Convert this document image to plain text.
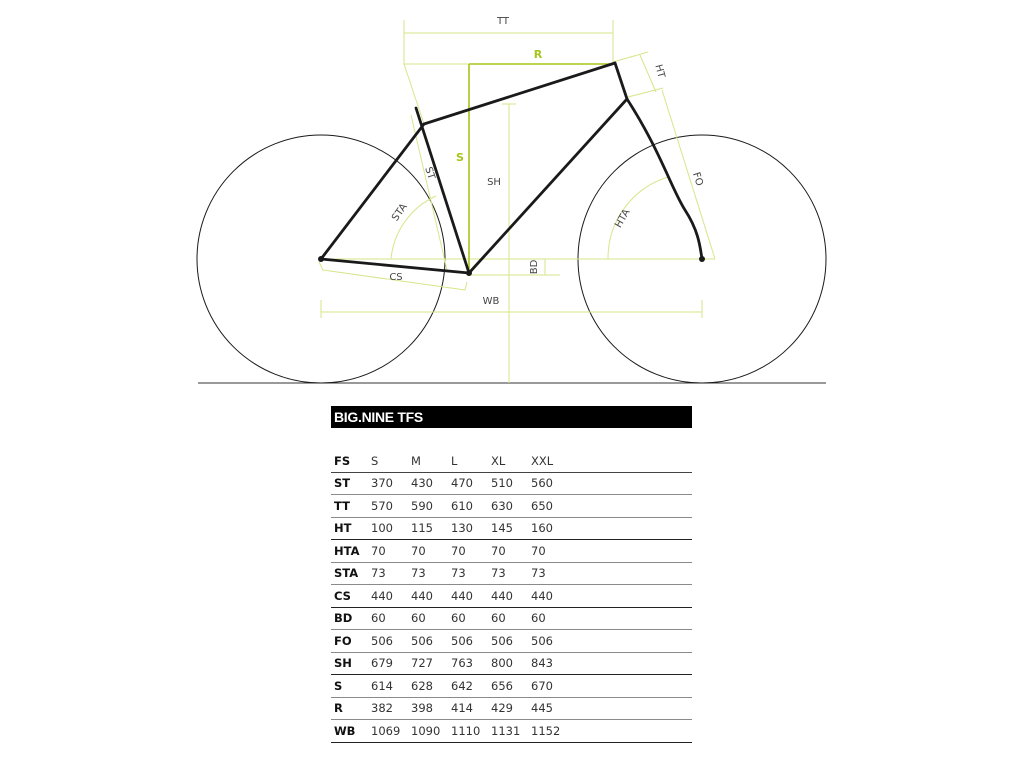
TT
R
HT
S
ST
SH
STA
FO
HTA
CS
BD
WB
BIG.NINE TFS
FS	S	M	L	XL	XXL	
ST	370	430	470	510	560	
TT	570	590	610	630	650	
HT	100	115	130	145	160	
HTA	70	70	70	70	70	
STA	73	73	73	73	73	
CS	440	440	440	440	440	
BD	60	60	60	60	60	
FO	506	506	506	506	506	
SH	679	727	763	800	843	
S	614	628	642	656	670	
R	382	398	414	429	445	
WB	1069	1090	1110	1131	1152	
